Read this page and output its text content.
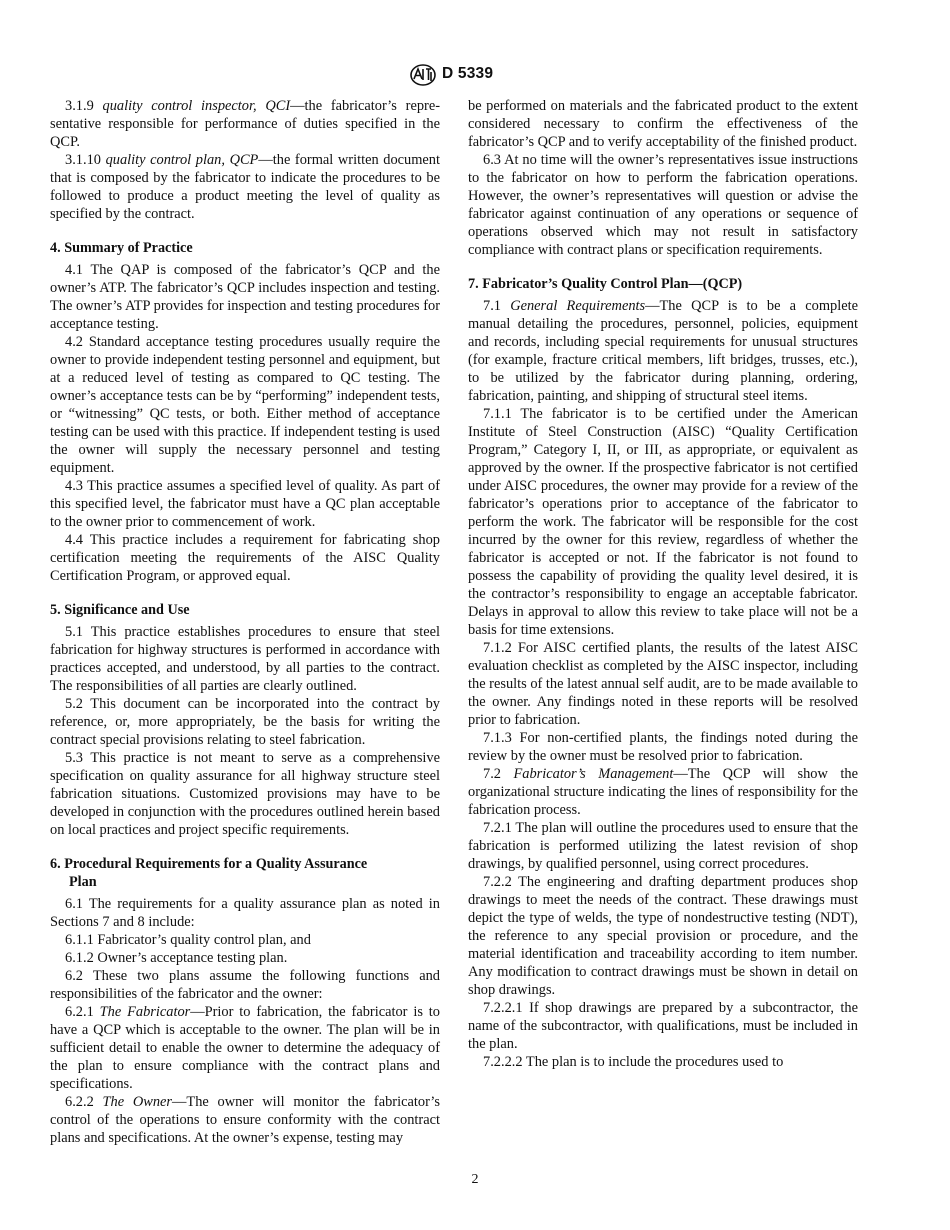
D 5339

3.1.9 quality control inspector, QCI—the fabricator’s representative responsible for performance of duties specified in the QCP.

3.1.10 quality control plan, QCP—the formal written document that is composed by the fabricator to indicate the procedures to be followed to produce a product meeting the level of quality as specified by the contract.

4. Summary of Practice

4.1 The QAP is composed of the fabricator’s QCP and the owner’s ATP. The fabricator’s QCP includes inspection and testing. The owner’s ATP provides for inspection and testing procedures for acceptance testing.

4.2 Standard acceptance testing procedures usually require the owner to provide independent testing personnel and equipment, but at a reduced level of testing as compared to QC testing. The owner’s acceptance tests can be by “performing” independent tests, or “witnessing” QC tests, or both. Either method of acceptance testing can be used with this practice. If independent testing is used the owner will supply the necessary personnel and testing equipment.

4.3 This practice assumes a specified level of quality. As part of this specified level, the fabricator must have a QC plan acceptable to the owner prior to commencement of work.

4.4 This practice includes a requirement for fabricating shop certification meeting the requirements of the AISC Quality Certification Program, or approved equal.

5. Significance and Use

5.1 This practice establishes procedures to ensure that steel fabrication for highway structures is performed in accordance with practices accepted, and understood, by all parties to the contract. The responsibilities of all parties are clearly outlined.

5.2 This document can be incorporated into the contract by reference, or, more appropriately, be the basis for writing the contract special provisions relating to steel fabrication.

5.3 This practice is not meant to serve as a comprehensive specification on quality assurance for all highway structure steel fabrication situations. Customized provisions may have to be developed in conjunction with the procedures outlined herein based on local practices and project specific requirements.

6. Procedural Requirements for a Quality Assurance
Plan

6.1 The requirements for a quality assurance plan as noted in Sections 7 and 8 include:

6.1.1 Fabricator’s quality control plan, and

6.1.2 Owner’s acceptance testing plan.

6.2 These two plans assume the following functions and responsibilities of the fabricator and the owner:

6.2.1 The Fabricator—Prior to fabrication, the fabricator is to have a QCP which is acceptable to the owner. The plan will be in sufficient detail to enable the owner to determine the adequacy of the plan to ensure compliance with the contract plans and specifications.

6.2.2 The Owner—The owner will monitor the fabricator’s control of the operations to ensure conformity with the contract plans and specifications. At the owner’s expense, testing may

be performed on materials and the fabricated product to the extent considered necessary to confirm the effectiveness of the fabricator’s QCP and to verify acceptability of the finished product.

6.3 At no time will the owner’s representatives issue instructions to the fabricator on how to perform the fabrication operations. However, the owner’s representatives will question or advise the fabricator against continuation of any operations or sequence of operations observed which may not result in satisfactory compliance with contract plans or specification requirements.

7. Fabricator’s Quality Control Plan—(QCP)

7.1 General Requirements—The QCP is to be a complete manual detailing the procedures, personnel, policies, equipment and records, including special requirements for unusual structures (for example, fracture critical members, lift bridges, trusses, etc.), to be utilized by the fabricator during planning, ordering, fabrication, painting, and shipping of structural steel items.

7.1.1 The fabricator is to be certified under the American Institute of Steel Construction (AISC) “Quality Certification Program,” Category I, II, or III, as appropriate, or equivalent as approved by the owner. If the prospective fabricator is not certified under AISC procedures, the owner may provide for a review of the fabricator’s operations prior to acceptance of the fabricator to perform the work. The fabricator will be responsible for the cost incurred by the owner for this review, regardless of whether the fabricator is accepted or not. If the fabricator is not found to possess the capability of providing the quality level desired, it is the contractor’s responsibility to engage an acceptable fabricator. Delays in approval to allow this review to take place will not be a basis for time extensions.

7.1.2 For AISC certified plants, the results of the latest AISC evaluation checklist as completed by the AISC inspector, including the results of the latest annual self audit, are to be made available to the owner. Any findings noted in these reports will be resolved prior to fabrication.

7.1.3 For non-certified plants, the findings noted during the review by the owner must be resolved prior to fabrication.

7.2 Fabricator’s Management—The QCP will show the organizational structure indicating the lines of responsibility for the fabrication process.

7.2.1 The plan will outline the procedures used to ensure that the fabrication is performed utilizing the latest revision of shop drawings, by qualified personnel, using correct procedures.

7.2.2 The engineering and drafting department produces shop drawings to meet the needs of the contract. These drawings must depict the type of welds, the type of nondestructive testing (NDT), the reference to any special provision or procedure, and the material identification and traceability according to item number. Any modification to contract drawings must be shown in detail on shop drawings.

7.2.2.1 If shop drawings are prepared by a subcontractor, the name of the subcontractor, with qualifications, must be included in the plan.

7.2.2.2 The plan is to include the procedures used to

2
